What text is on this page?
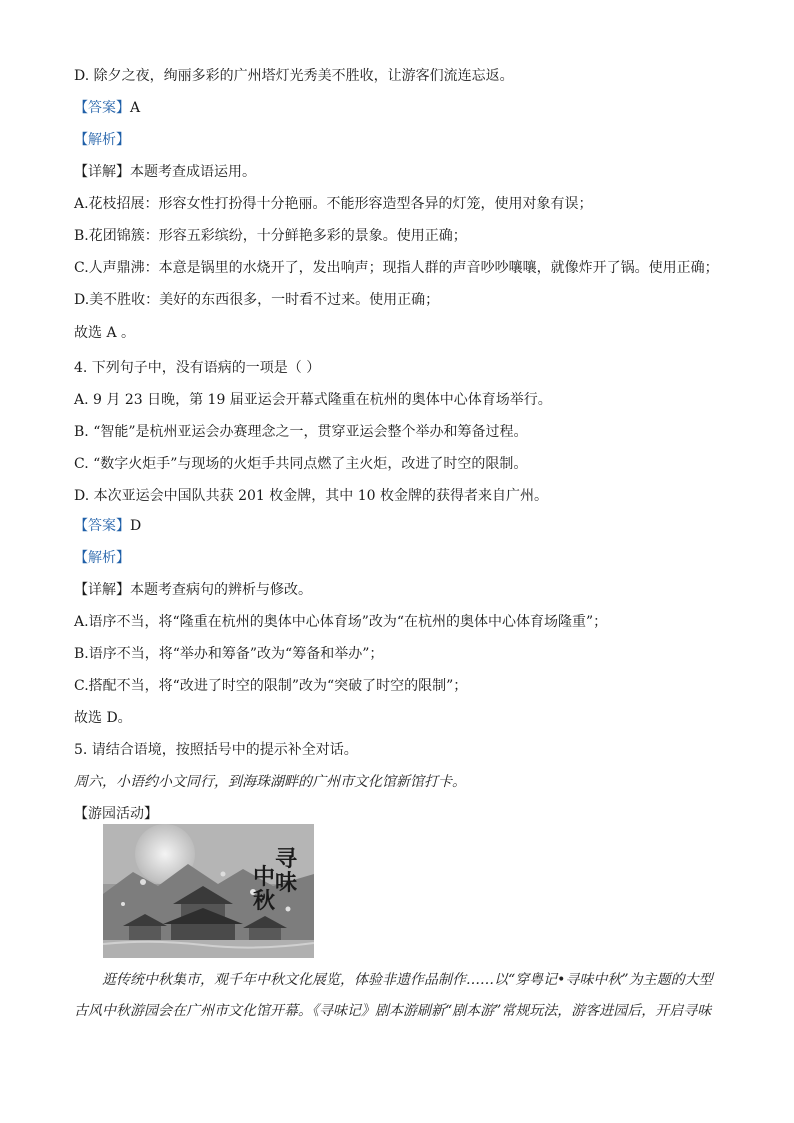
D. 除夕之夜，绚丽多彩的广州塔灯光秀美不胜收，让游客们流连忘返。
【答案】A
【解析】
【详解】本题考查成语运用。
A.花枝招展：形容女性打扮得十分艳丽。不能形容造型各异的灯笼，使用对象有误；
B.花团锦簇：形容五彩缤纷，十分鲜艳多彩的景象。使用正确；
C.人声鼎沸：本意是锅里的水烧开了，发出响声；现指人群的声音吵吵嚷嚷，就像炸开了锅。使用正确；
D.美不胜收：美好的东西很多，一时看不过来。使用正确；
故选 A 。
4. 下列句子中，没有语病的一项是（ ）
A. 9 月 23 日晚，第 19 届亚运会开幕式隆重在杭州的奥体中心体育场举行。
B. “智能”是杭州亚运会办赛理念之一，贯穿亚运会整个举办和筹备过程。
C. “数字火炬手”与现场的火炬手共同点燃了主火炬，改进了时空的限制。
D. 本次亚运会中国队共获 201 枚金牌，其中 10 枚金牌的获得者来自广州。
【答案】D
【解析】
【详解】本题考查病句的辨析与修改。
A.语序不当，将“隆重在杭州的奥体中心体育场”改为“在杭州的奥体中心体育场隆重”；
B.语序不当，将“举办和筹备”改为“筹备和举办”；
C.搭配不当，将“改进了时空的限制”改为“突破了时空的限制”；
故选 D。
5. 请结合语境，按照括号中的提示补全对话。
周六，小语约小文同行，到海珠湖畔的广州市文化馆新馆打卡。
【游园活动】
寻味中秋
逛传统中秋集市，观千年中秋文化展览，体验非遗作品制作……以“穿粤记•寻味中秋”为主题的大型古风中秋游园会在广州市文化馆开幕。《寻味记》剧本游刷新“剧本游”常规玩法，游客进园后，开启寻味
